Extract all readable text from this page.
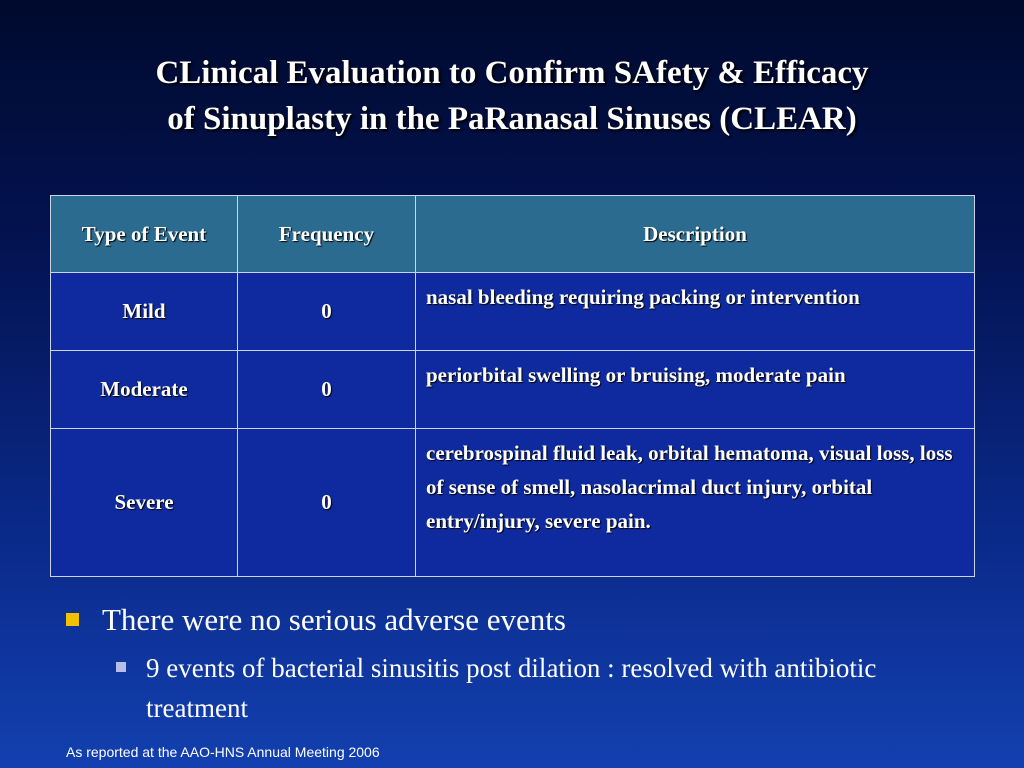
CLinical Evaluation to Confirm SAfety & Efficacy
of Sinuplasty in the PaRanasal Sinuses (CLEAR)
Type of Event	Frequency	Description
Mild	0	nasal bleeding requiring packing or intervention
Moderate	0	periorbital swelling or bruising, moderate pain
Severe	0	cerebrospinal fluid leak, orbital hematoma, visual loss, loss of sense of smell, nasolacrimal duct injury, orbital entry/injury, severe pain.
There were no serious adverse events
9 events of bacterial sinusitis post dilation : resolved with antibiotic treatment
As reported at the AAO-HNS Annual Meeting 2006
